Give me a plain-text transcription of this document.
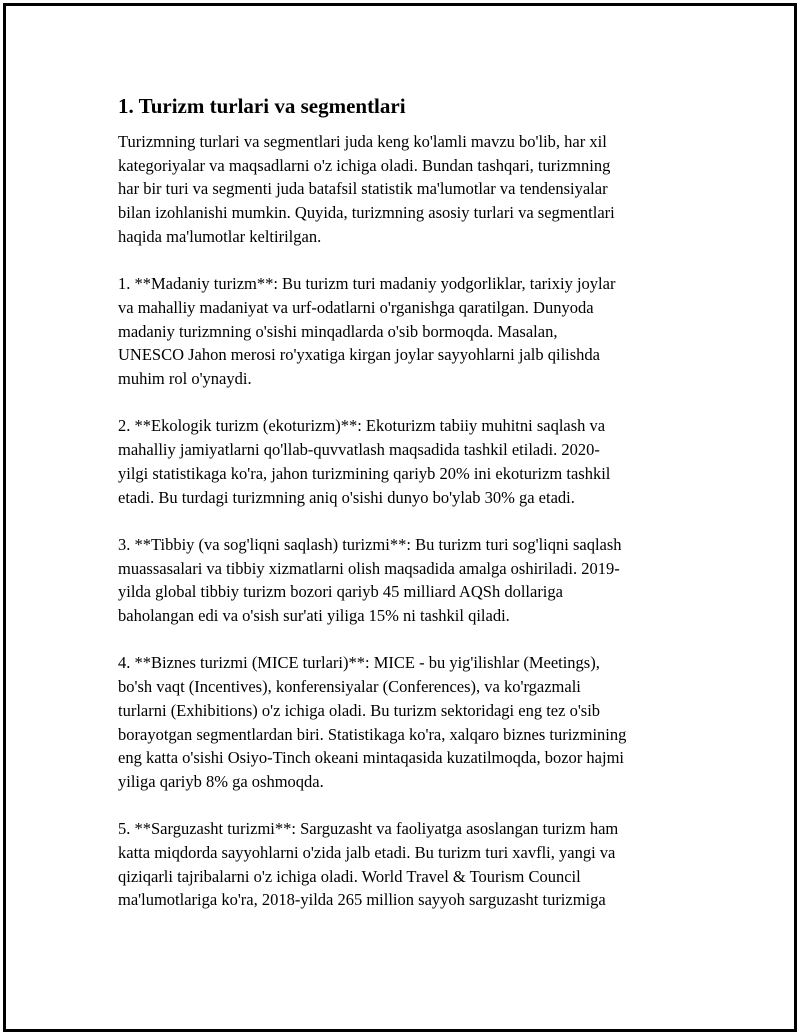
1. Turizm turlari va segmentlari

Turizmning turlari va segmentlari juda keng ko'lamli mavzu bo'lib, har xil
kategoriyalar va maqsadlarni o'z ichiga oladi. Bundan tashqari, turizmning
har bir turi va segmenti juda batafsil statistik ma'lumotlar va tendensiyalar
bilan izohlanishi mumkin. Quyida, turizmning asosiy turlari va segmentlari
haqida ma'lumotlar keltirilgan.

1. **Madaniy turizm**: Bu turizm turi madaniy yodgorliklar, tarixiy joylar
va mahalliy madaniyat va urf-odatlarni o'rganishga qaratilgan. Dunyoda
madaniy turizmning o'sishi minqadlarda o'sib bormoqda. Masalan,
UNESCO Jahon merosi ro'yxatiga kirgan joylar sayyohlarni jalb qilishda
muhim rol o'ynaydi.

2. **Ekologik turizm (ekoturizm)**: Ekoturizm tabiiy muhitni saqlash va
mahalliy jamiyatlarni qo'llab-quvvatlash maqsadida tashkil etiladi. 2020-
yilgi statistikaga ko'ra, jahon turizmining qariyb 20% ini ekoturizm tashkil
etadi. Bu turdagi turizmning aniq o'sishi dunyo bo'ylab 30% ga etadi.

3. **Tibbiy (va sog'liqni saqlash) turizmi**: Bu turizm turi sog'liqni saqlash
muassasalari va tibbiy xizmatlarni olish maqsadida amalga oshiriladi. 2019-
yilda global tibbiy turizm bozori qariyb 45 milliard AQSh dollariga
baholangan edi va o'sish sur'ati yiliga 15% ni tashkil qiladi.

4. **Biznes turizmi (MICE turlari)**: MICE - bu yig'ilishlar (Meetings),
bo'sh vaqt (Incentives), konferensiyalar (Conferences), va ko'rgazmali
turlarni (Exhibitions) o'z ichiga oladi. Bu turizm sektoridagi eng tez o'sib
borayotgan segmentlardan biri. Statistikaga ko'ra, xalqaro biznes turizmining
eng katta o'sishi Osiyo-Tinch okeani mintaqasida kuzatilmoqda, bozor hajmi
yiliga qariyb 8% ga oshmoqda.

5. **Sarguzasht turizmi**: Sarguzasht va faoliyatga asoslangan turizm ham
katta miqdorda sayyohlarni o'zida jalb etadi. Bu turizm turi xavfli, yangi va
qiziqarli tajribalarni o'z ichiga oladi. World Travel & Tourism Council
ma'lumotlariga ko'ra, 2018-yilda 265 million sayyoh sarguzasht turizmiga
